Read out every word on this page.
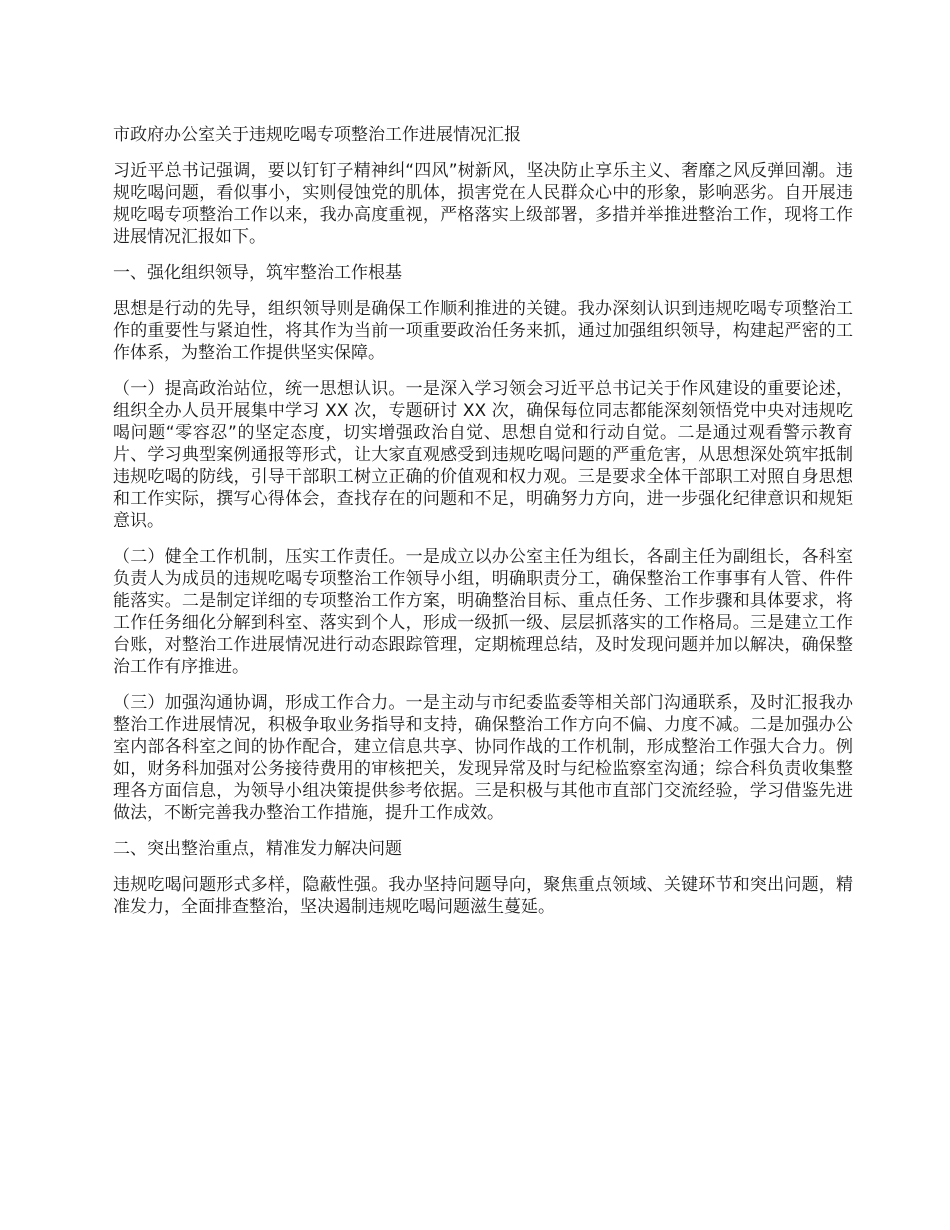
市政府办公室关于违规吃喝专项整治工作进展情况汇报

习近平总书记强调，要以钉钉子精神纠“四风”树新风，坚决防止享乐主义、奢靡之风反弹回潮。违规吃喝问题，看似事小，实则侵蚀党的肌体，损害党在人民群众心中的形象，影响恶劣。自开展违规吃喝专项整治工作以来，我办高度重视，严格落实上级部署，多措并举推进整治工作，现将工作进展情况汇报如下。

一、强化组织领导，筑牢整治工作根基

思想是行动的先导，组织领导则是确保工作顺利推进的关键。我办深刻认识到违规吃喝专项整治工作的重要性与紧迫性，将其作为当前一项重要政治任务来抓，通过加强组织领导，构建起严密的工作体系，为整治工作提供坚实保障。

（一）提高政治站位，统一思想认识。一是深入学习领会习近平总书记关于作风建设的重要论述，组织全办人员开展集中学习 XX 次，专题研讨 XX 次，确保每位同志都能深刻领悟党中央对违规吃喝问题“零容忍”的坚定态度，切实增强政治自觉、思想自觉和行动自觉。二是通过观看警示教育片、学习典型案例通报等形式，让大家直观感受到违规吃喝问题的严重危害，从思想深处筑牢抵制违规吃喝的防线，引导干部职工树立正确的价值观和权力观。三是要求全体干部职工对照自身思想和工作实际，撰写心得体会，查找存在的问题和不足，明确努力方向，进一步强化纪律意识和规矩意识。

（二）健全工作机制，压实工作责任。一是成立以办公室主任为组长，各副主任为副组长，各科室负责人为成员的违规吃喝专项整治工作领导小组，明确职责分工，确保整治工作事事有人管、件件能落实。二是制定详细的专项整治工作方案，明确整治目标、重点任务、工作步骤和具体要求，将工作任务细化分解到科室、落实到个人，形成一级抓一级、层层抓落实的工作格局。三是建立工作台账，对整治工作进展情况进行动态跟踪管理，定期梳理总结，及时发现问题并加以解决，确保整治工作有序推进。

（三）加强沟通协调，形成工作合力。一是主动与市纪委监委等相关部门沟通联系，及时汇报我办整治工作进展情况，积极争取业务指导和支持，确保整治工作方向不偏、力度不减。二是加强办公室内部各科室之间的协作配合，建立信息共享、协同作战的工作机制，形成整治工作强大合力。例如，财务科加强对公务接待费用的审核把关，发现异常及时与纪检监察室沟通；综合科负责收集整理各方面信息，为领导小组决策提供参考依据。三是积极与其他市直部门交流经验，学习借鉴先进做法，不断完善我办整治工作措施，提升工作成效。

二、突出整治重点，精准发力解决问题

违规吃喝问题形式多样，隐蔽性强。我办坚持问题导向，聚焦重点领域、关键环节和突出问题，精准发力，全面排查整治，坚决遏制违规吃喝问题滋生蔓延。
